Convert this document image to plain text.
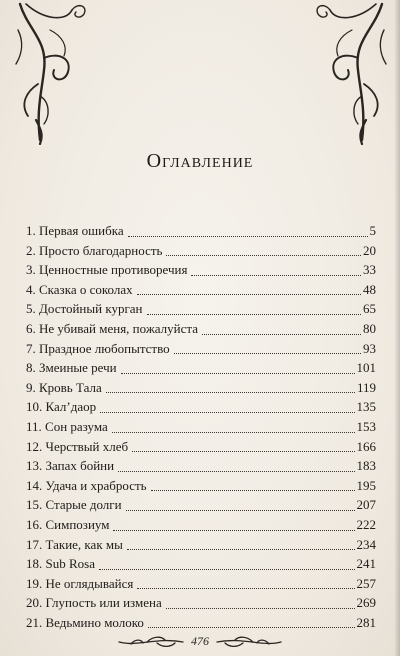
Оглавление
1. Первая ошибка	5
2. Просто благодарность	20
3. Ценностные противоречия	33
4. Сказка о соколах	48
5. Достойный курган	65
6. Не убивай меня, пожалуйста	80
7. Праздное любопытство	93
8. Змеиные речи	101
9. Кровь Тала	119
10. Кал’даор	135
11. Сон разума	153
12. Черствый хлеб	166
13. Запах бойни	183
14. Удача и храбрость	195
15. Старые долги	207
16. Симпозиум	222
17. Такие, как мы	234
18. Sub Rosa	241
19. Не оглядывайся	257
20. Глупость или измена	269
21. Ведьмино молоко	281
476
